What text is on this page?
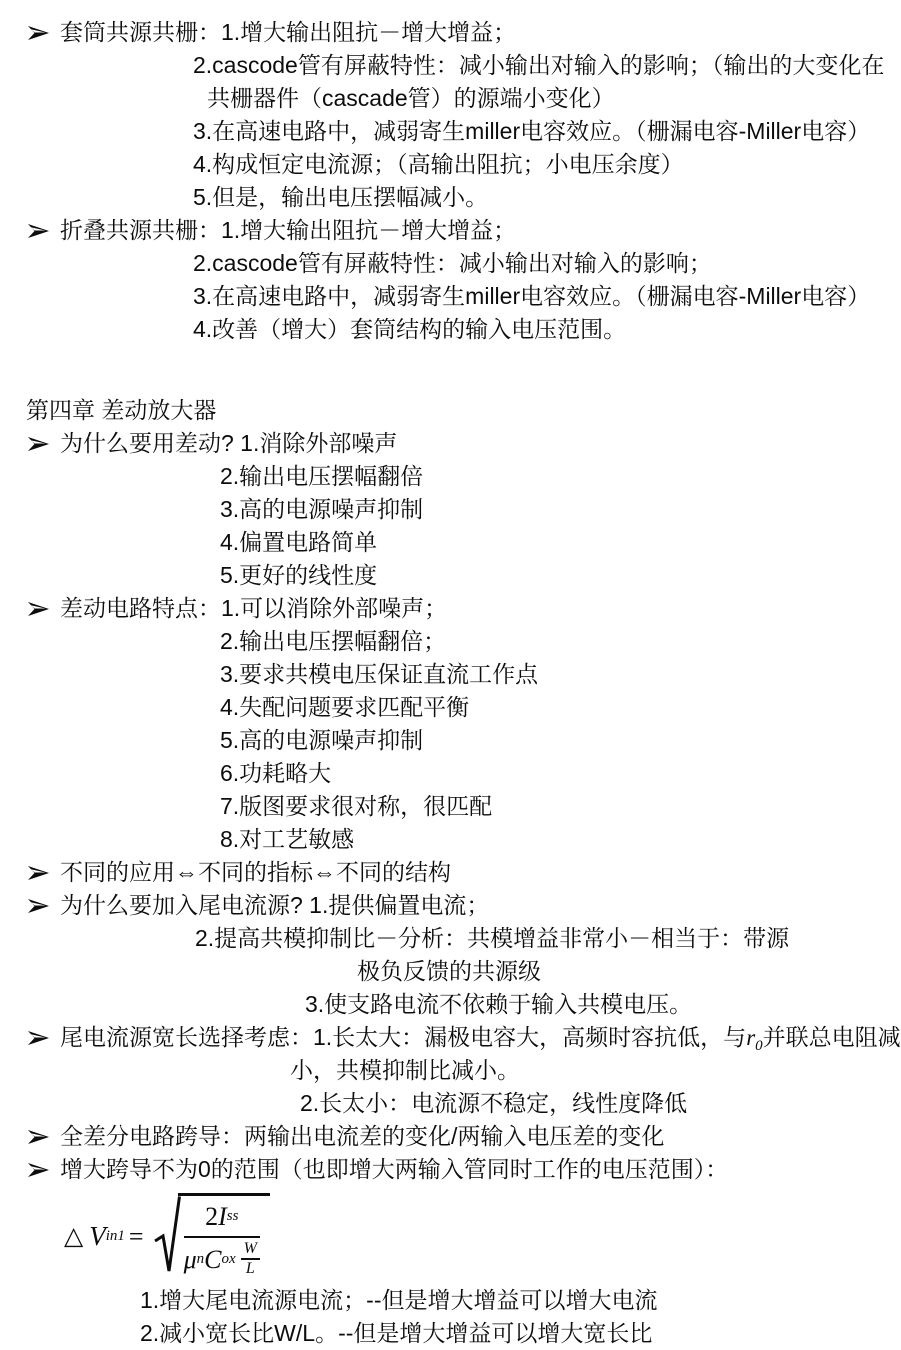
套筒共源共栅：1.增大输出阻抗－增大增益；
2.cascode管有屏蔽特性：减小输出对输入的影响；（输出的大变化在
共栅器件（cascade管）的源端小变化）
3.在高速电路中，减弱寄生miller电容效应。（栅漏电容-Miller电容）
4.构成恒定电流源；（高输出阻抗；小电压余度）
5.但是，输出电压摆幅减小。
折叠共源共栅：1.增大输出阻抗－增大增益；
2.cascode管有屏蔽特性：减小输出对输入的影响；
3.在高速电路中，减弱寄生miller电容效应。（栅漏电容-Miller电容）
4.改善（增大）套筒结构的输入电压范围。
第四章 差动放大器
为什么要用差动? 1.消除外部噪声
2.输出电压摆幅翻倍
3.高的电源噪声抑制
4.偏置电路简单
5.更好的线性度
差动电路特点：1.可以消除外部噪声；
2.输出电压摆幅翻倍；
3.要求共模电压保证直流工作点
4.失配问题要求匹配平衡
5.高的电源噪声抑制
6.功耗略大
7.版图要求很对称，很匹配
8.对工艺敏感
不同的应用⇔不同的指标⇔不同的结构
为什么要加入尾电流源? 1.提供偏置电流；
2.提高共模抑制比－分析：共模增益非常小－相当于：带源
极负反馈的共源级
3.使支路电流不依赖于输入共模电压。
尾电流源宽长选择考虑：1.长太大：漏极电容大，高频时容抗低，与$r_0$并联总电阻减
小，共模抑制比减小。
2.长太小：电流源不稳定，线性度降低
全差分电路跨导：两输出电流差的变化/两输入电压差的变化
增大跨导不为0的范围（也即增大两输入管同时工作的电压范围）：
△ V in1 =
2 I ss
μ n C ox $\frac{W}{L}$
1.增大尾电流源电流；--但是增大增益可以增大电流
2.减小宽长比W/L。--但是增大增益可以增大宽长比
